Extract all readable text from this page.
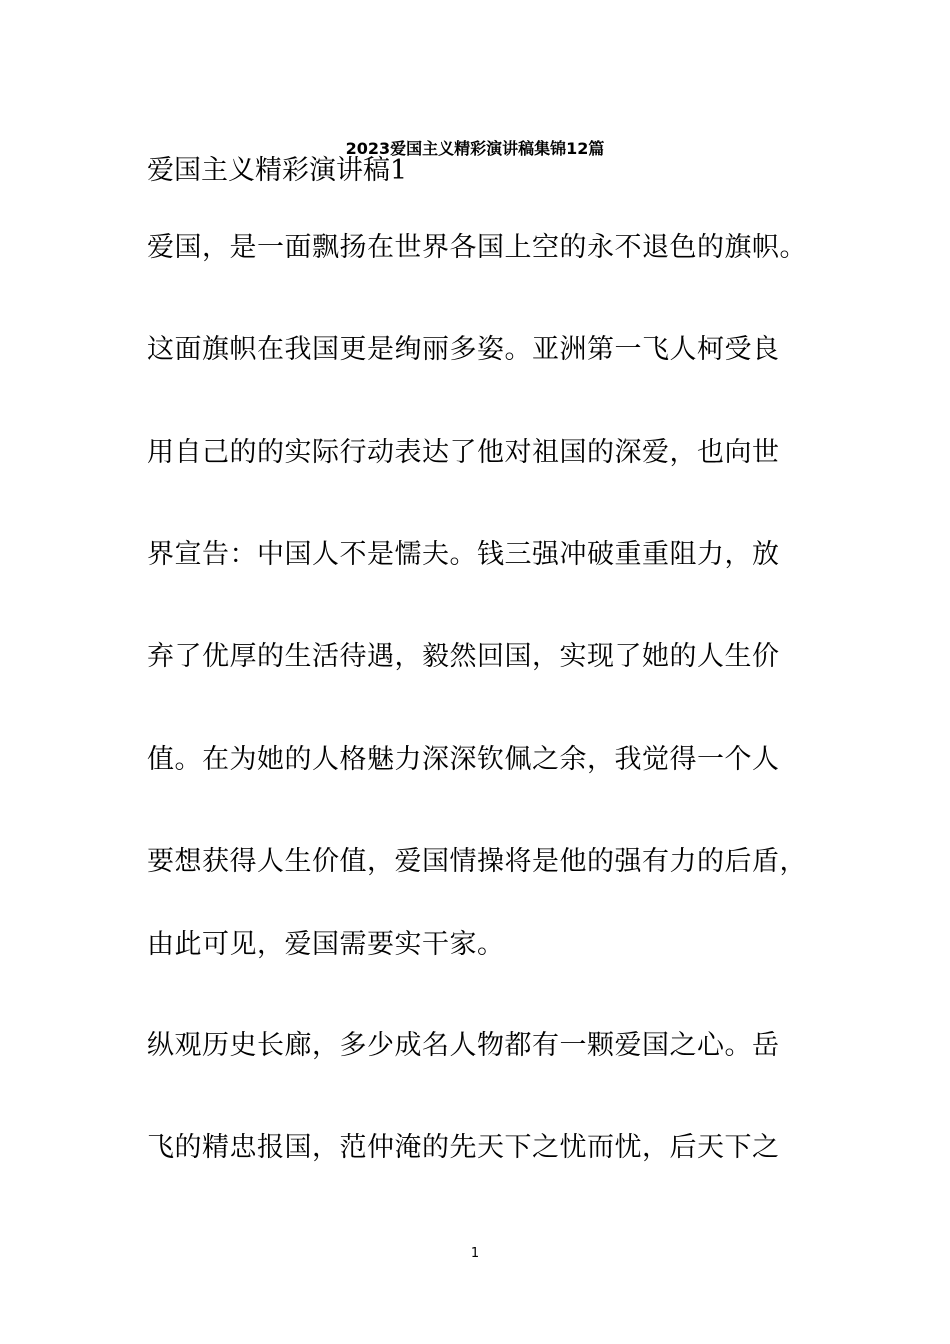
2023爱国主义精彩演讲稿集锦12篇
爱国主义精彩演讲稿1
爱国，是一面飘扬在世界各国上空的永不退色的旗帜。
这面旗帜在我国更是绚丽多姿。亚洲第一飞人柯受良
用自己的的实际行动表达了他对祖国的深爱，也向世
界宣告：中国人不是懦夫。钱三强冲破重重阻力，放
弃了优厚的生活待遇，毅然回国，实现了她的人生价
值。在为她的人格魅力深深钦佩之余，我觉得一个人
要想获得人生价值，爱国情操将是他的强有力的后盾，
由此可见，爱国需要实干家。
纵观历史长廊，多少成名人物都有一颗爱国之心。岳
飞的精忠报国，范仲淹的先天下之忧而忧，后天下之
1
